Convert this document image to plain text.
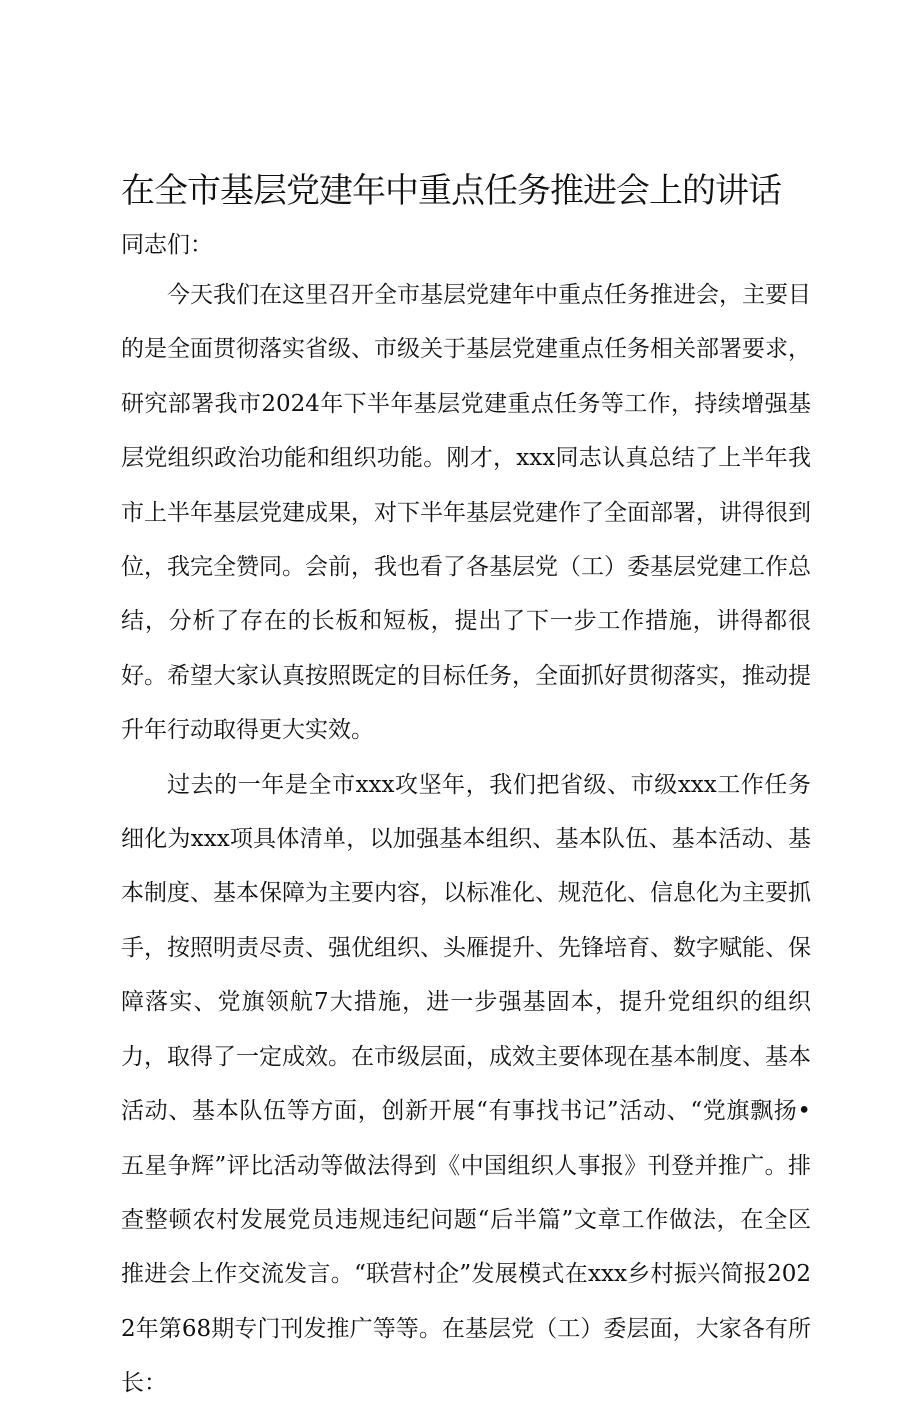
在全市基层党建年中重点任务推进会上的讲话

同志们：

今天我们在这里召开全市基层党建年中重点任务推进会，主要目的是全面贯彻落实省级、市级关于基层党建重点任务相关部署要求，研究部署我市2024年下半年基层党建重点任务等工作，持续增强基层党组织政治功能和组织功能。刚才，xxx同志认真总结了上半年我市上半年基层党建成果，对下半年基层党建作了全面部署，讲得很到位，我完全赞同。会前，我也看了各基层党（工）委基层党建工作总结，分析了存在的长板和短板，提出了下一步工作措施，讲得都很好。希望大家认真按照既定的目标任务，全面抓好贯彻落实，推动提升年行动取得更大实效。

过去的一年是全市xxx攻坚年，我们把省级、市级xxx工作任务细化为xxx项具体清单，以加强基本组织、基本队伍、基本活动、基本制度、基本保障为主要内容，以标准化、规范化、信息化为主要抓手，按照明责尽责、强优组织、头雁提升、先锋培育、数字赋能、保障落实、党旗领航7大措施，进一步强基固本，提升党组织的组织力，取得了一定成效。在市级层面，成效主要体现在基本制度、基本活动、基本队伍等方面，创新开展“有事找书记”活动、“党旗飘扬•五星争辉”评比活动等做法得到《中国组织人事报》刊登并推广。排查整顿农村发展党员违规违纪问题“后半篇”文章工作做法，在全区推进会上作交流发言。“联营村企”发展模式在xxx乡村振兴简报2022年第68期专门刊发推广等等。在基层党（工）委层面，大家各有所长：
